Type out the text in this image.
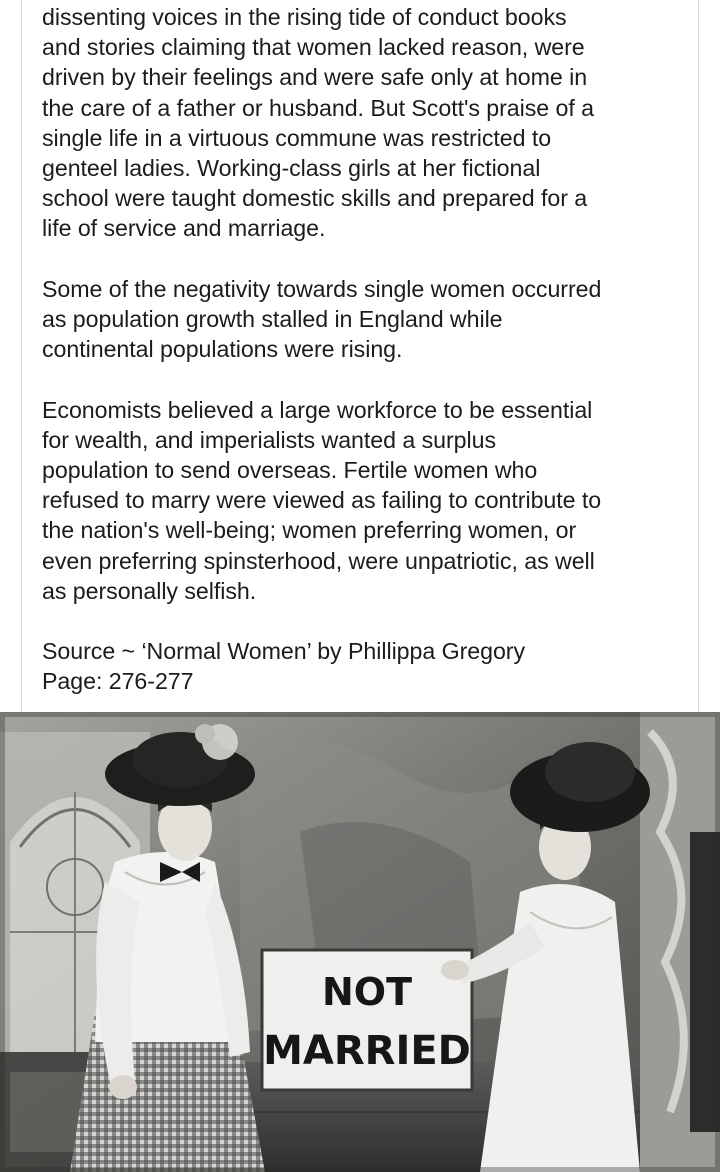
dissenting voices in the rising tide of conduct books
and stories claiming that women lacked reason, were
driven by their feelings and were safe only at home in
the care of a father or husband. But Scott's praise of a
single life in a virtuous commune was restricted to
genteel ladies. Working-class girls at her fictional
school were taught domestic skills and prepared for a
life of service and marriage.

Some of the negativity towards single women occurred
as population growth stalled in England while
continental populations were rising.

Economists believed a large workforce to be essential
for wealth, and imperialists wanted a surplus
population to send overseas. Fertile women who
refused to marry were viewed as failing to contribute to
the nation's well-being; women preferring women, or
even preferring spinsterhood, were unpatriotic, as well
as personally selfish.

Source ~ ‘Normal Women’ by Phillippa Gregory
Page: 276-277

NOT
MARRIED
